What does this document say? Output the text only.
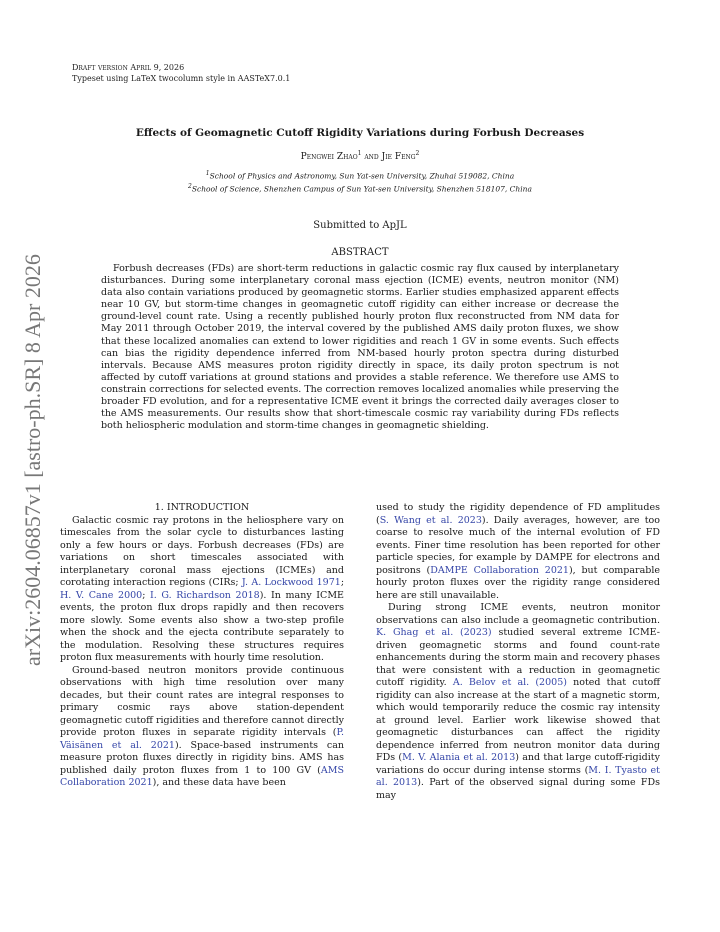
arXiv:2604.06857v1 [astro-ph.SR] 8 Apr 2026
Draft version April 9, 2026
Typeset using LaTeX twocolumn style in AASTeX7.0.1
Effects of Geomagnetic Cutoff Rigidity Variations during Forbush Decreases
Pengwei Zhao$^1$ and Jie Feng$^2$
$^1$School of Physics and Astronomy, Sun Yat-sen University, Zhuhai 519082, China
$^2$School of Science, Shenzhen Campus of Sun Yat-sen University, Shenzhen 518107, China
Submitted to ApJL
ABSTRACT

Forbush decreases (FDs) are short-term reductions in galactic cosmic ray flux caused by interplanetary disturbances. During some interplanetary coronal mass ejection (ICME) events, neutron monitor (NM) data also contain variations produced by geomagnetic storms. Earlier studies emphasized apparent effects near 10 GV, but storm-time changes in geomagnetic cutoff rigidity can either increase or decrease the ground-level count rate. Using a recently published hourly proton flux reconstructed from NM data for May 2011 through October 2019, the interval covered by the published AMS daily proton fluxes, we show that these localized anomalies can extend to lower rigidities and reach 1 GV in some events. Such effects can bias the rigidity dependence inferred from NM-based hourly proton spectra during disturbed intervals. Because AMS measures proton rigidity directly in space, its daily proton spectrum is not affected by cutoff variations at ground stations and provides a stable reference. We therefore use AMS to constrain corrections for selected events. The correction removes localized anomalies while preserving the broader FD evolution, and for a representative ICME event it brings the corrected daily averages closer to the AMS measurements. Our results show that short-timescale cosmic ray variability during FDs reflects both heliospheric modulation and storm-time changes in geomagnetic shielding.

1. INTRODUCTION

Galactic cosmic ray protons in the heliosphere vary on timescales from the solar cycle to disturbances lasting only a few hours or days. Forbush decreases (FDs) are variations on short timescales associated with interplanetary coronal mass ejections (ICMEs) and corotating interaction regions (CIRs; J. A. Lockwood 1971; H. V. Cane 2000; I. G. Richardson 2018). In many ICME events, the proton flux drops rapidly and then recovers more slowly. Some events also show a two-step profile when the shock and the ejecta contribute separately to the modulation. Resolving these structures requires proton flux measurements with hourly time resolution.

Ground-based neutron monitors provide continuous observations with high time resolution over many decades, but their count rates are integral responses to primary cosmic rays above station-dependent geomagnetic cutoff rigidities and therefore cannot directly provide proton fluxes in separate rigidity intervals (P. Väisänen et al. 2021). Space-based instruments can measure proton fluxes directly in rigidity bins. AMS has published daily proton fluxes from 1 to 100 GV (AMS Collaboration 2021), and these data have been

used to study the rigidity dependence of FD amplitudes (S. Wang et al. 2023). Daily averages, however, are too coarse to resolve much of the internal evolution of FD events. Finer time resolution has been reported for other particle species, for example by DAMPE for electrons and positrons (DAMPE Collaboration 2021), but comparable hourly proton fluxes over the rigidity range considered here are still unavailable.

During strong ICME events, neutron monitor observations can also include a geomagnetic contribution. K. Ghag et al. (2023) studied several extreme ICME-driven geomagnetic storms and found count-rate enhancements during the storm main and recovery phases that were consistent with a reduction in geomagnetic cutoff rigidity. A. Belov et al. (2005) noted that cutoff rigidity can also increase at the start of a magnetic storm, which would temporarily reduce the cosmic ray intensity at ground level. Earlier work likewise showed that geomagnetic disturbances can affect the rigidity dependence inferred from neutron monitor data during FDs (M. V. Alania et al. 2013) and that large cutoff-rigidity variations do occur during intense storms (M. I. Tyasto et al. 2013). Part of the observed signal during some FDs may
